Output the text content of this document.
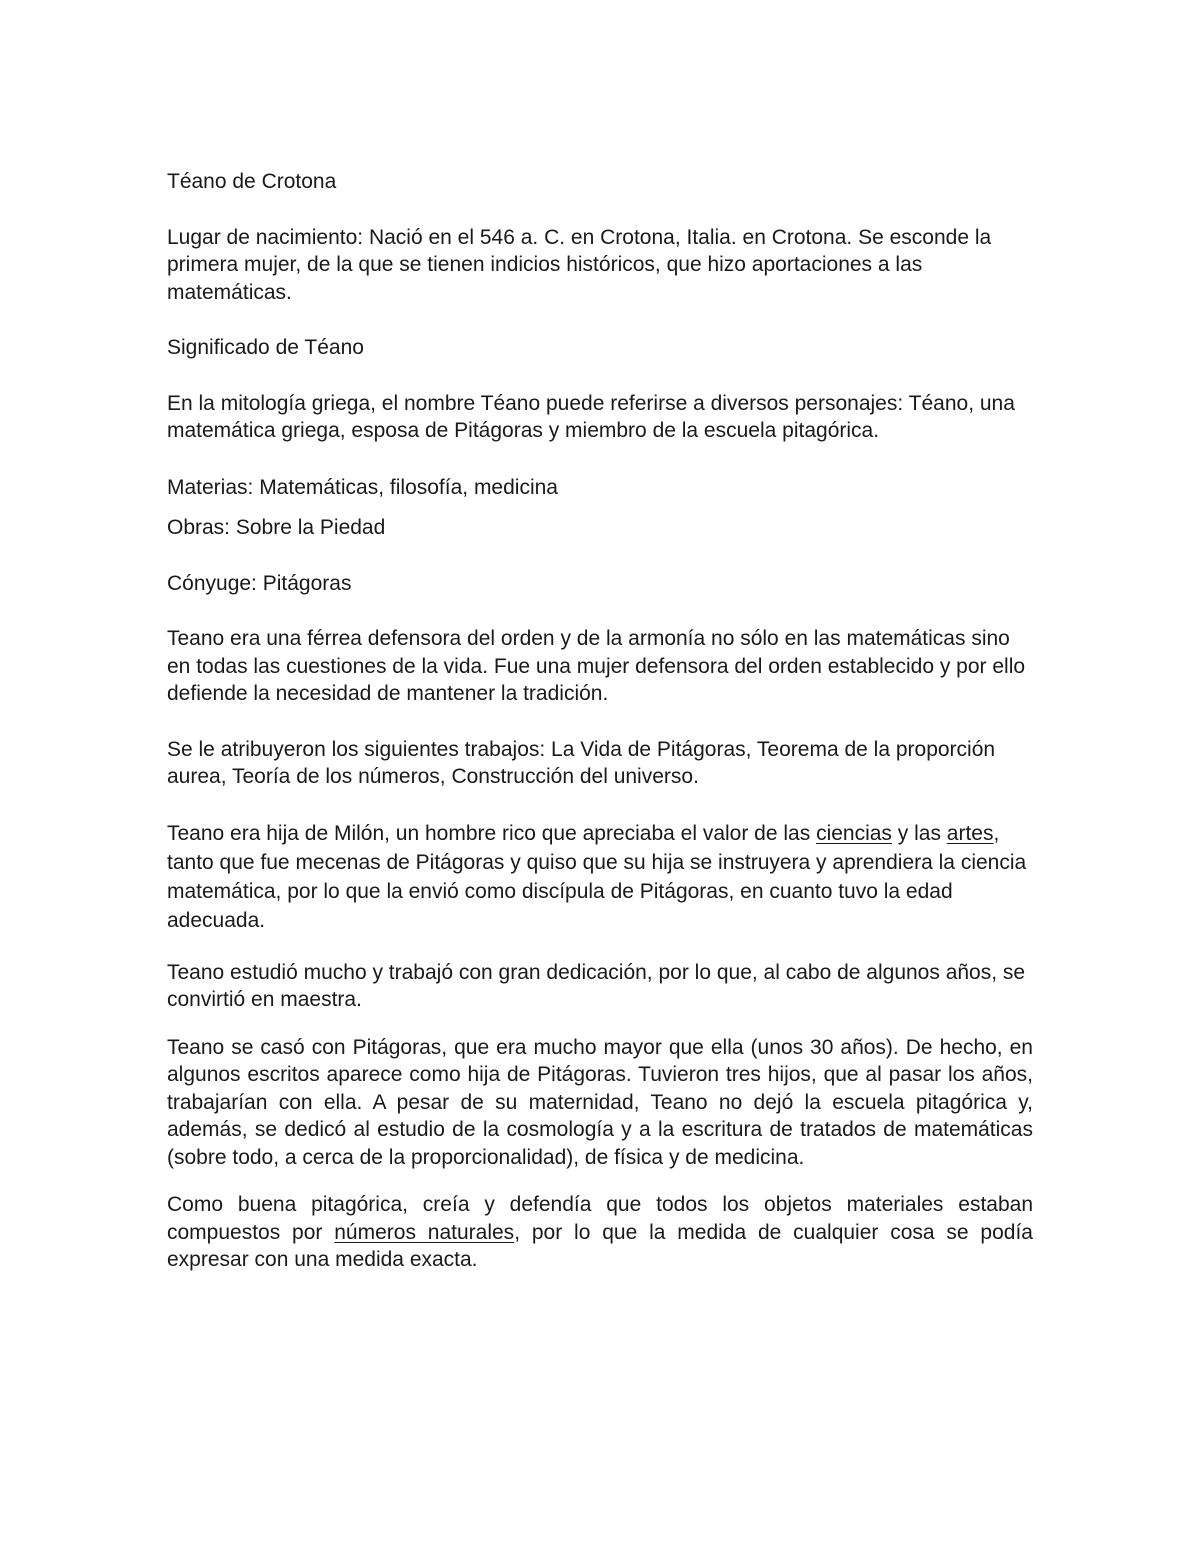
Téano de Crotona

Lugar de nacimiento: Nació en el 546 a. C. en Crotona, Italia. en Crotona. Se esconde la primera mujer, de la que se tienen indicios históricos, que hizo aportaciones a las matemáticas.

Significado de Téano

En la mitología griega, el nombre Téano puede referirse a diversos personajes: Téano, una matemática griega, esposa de Pitágoras y miembro de la escuela pitagórica.

Materias: Matemáticas, filosofía, medicina

Obras: Sobre la Piedad

Cónyuge: Pitágoras

Teano era una férrea defensora del orden y de la armonía no sólo en las matemáticas sino en todas las cuestiones de la vida. Fue una mujer defensora del orden establecido y por ello defiende la necesidad de mantener la tradición.

Se le atribuyeron los siguientes trabajos: La Vida de Pitágoras, Teorema de la proporción aurea, Teoría de los números, Construcción del universo.

Teano era hija de Milón, un hombre rico que apreciaba el valor de las ciencias y las artes, tanto que fue mecenas de Pitágoras y quiso que su hija se instruyera y aprendiera la ciencia matemática, por lo que la envió como discípula de Pitágoras, en cuanto tuvo la edad adecuada.

Teano estudió mucho y trabajó con gran dedicación, por lo que, al cabo de algunos años, se convirtió en maestra.

Teano se casó con Pitágoras, que era mucho mayor que ella (unos 30 años). De hecho, en algunos escritos aparece como hija de Pitágoras. Tuvieron tres hijos, que al pasar los años, trabajarían con ella. A pesar de su maternidad, Teano no dejó la escuela pitagórica y, además, se dedicó al estudio de la cosmología y a la escritura de tratados de matemáticas (sobre todo, a cerca de la proporcionalidad), de física y de medicina.

Como buena pitagórica, creía y defendía que todos los objetos materiales estaban compuestos por números naturales, por lo que la medida de cualquier cosa se podía expresar con una medida exacta.
